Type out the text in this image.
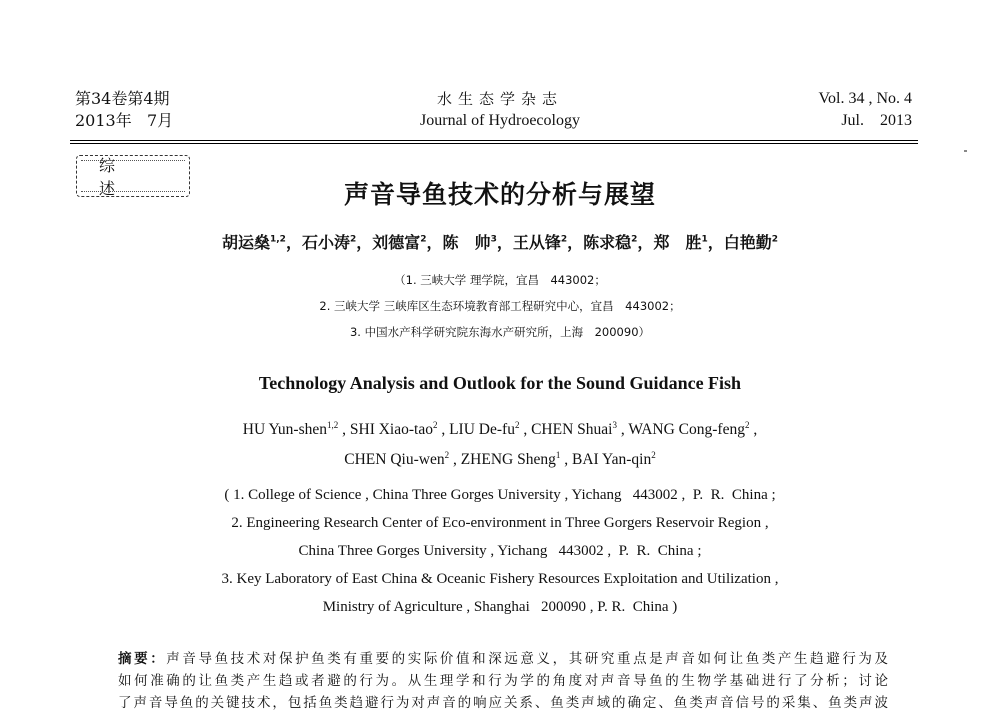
第34卷第4期
2013年   7月
水生态学杂志
Journal of Hydroecology
Vol. 34 , No. 4
Jul.    2013
综 述	声音导鱼技术的分析与展望
胡运燊$^{1,2}$，石小涛$^2$，刘德富$^2$，陈　帅$^3$，王从锋$^2$，陈求稳$^2$，郑　胜$^1$，白艳勤$^2$
（1. 三峡大学 理学院，宜昌　443002；
2. 三峡大学 三峡库区生态环境教育部工程研究中心，宜昌　443002；
3. 中国水产科学研究院东海水产研究所，上海　200090）
Technology Analysis and Outlook for the Sound Guidance Fish
HU Yun-shen$^{1,2}$ , SHI Xiao-tao$^2$ , LIU $De-fu^2$ , CHEN Shuai$^3$ , WANG Cong-feng$^2$ ,
CHEN Qiu-wen$^2$ , ZHENG Sheng$^1$ , BAI Yan-qin$^2$
( 1. College of Science , China Three Gorges University , Yichang   443002 ,  P.  R.  China ;
2. Engineering Research Center of Eco-environment in Three Gorgers Reservoir Region ,
China Three Gorges University , Yichang   443002 ,  P.  R.  China ;
3. Key Laboratory of East China & Oceanic Fishery Resources Exploitation and Utilization ,
Ministry of Agriculture , Shanghai   200090 , P. R.  China )
摘要：声音导鱼技术对保护鱼类有重要的实际价值和深远意义，其研究重点是声音如何让鱼类产生趋避行为及
如何准确的让鱼类产生趋或者避的行为。从生理学和行为学的角度对声音导鱼的生物学基础进行了分析；讨论
了声音导鱼的关键技术，包括鱼类趋避行为对声音的响应关系、鱼类声域的确定、鱼类声音信号的采集、鱼类声波
